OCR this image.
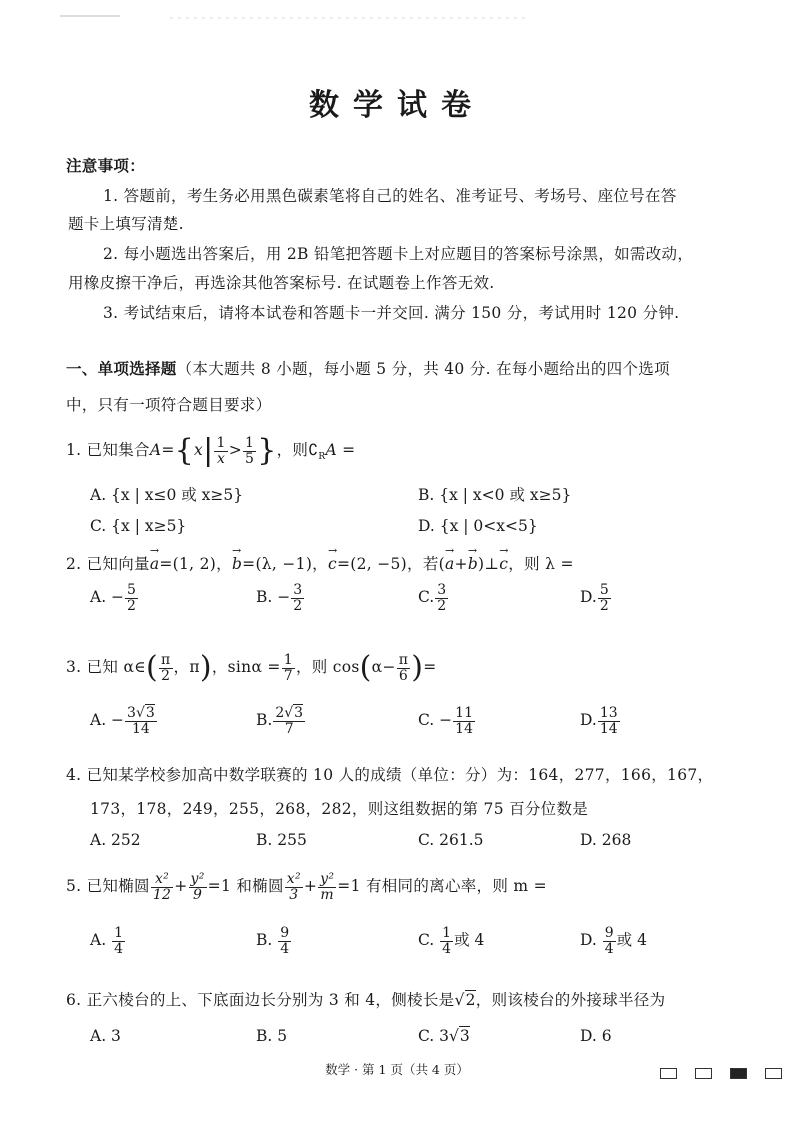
数学试卷
注意事项：
1. 答题前，考生务必用黑色碳素笔将自己的姓名、准考证号、考场号、座位号在答
题卡上填写清楚.
2. 每小题选出答案后，用 2B 铅笔把答题卡上对应题目的答案标号涂黑，如需改动，
用橡皮擦干净后，再选涂其他答案标号. 在试题卷上作答无效.
3. 考试结束后，请将本试卷和答题卡一并交回. 满分 150 分，考试用时 120 分钟.
一、单项选择题（本大题共 8 小题，每小题 5 分，共 40 分. 在每小题给出的四个选项
中，只有一项符合题目要求）
1. 已知集合$A=\{x| \frac{1}{x} > \frac{1}{5}$ }，则$∁_RA$ =
A. {x | x≤0 或 x≥5}	B. {x | x<0 或 x≥5}
C. {x | x≥5}	D. {x | 0<x<5}
2. 已知向量→ a=(1, 2)，→ b=(λ, −1)，→ c=(2, −5)，若(→ a+→ b)⊥→ c，则 λ =
A. − $\frac{5}{2}$	B. − $\frac{3}{2}$	C. $\frac{3}{2}$	D. $\frac{5}{2}$
3. 已知 α∈( $\frac{\pi}{2}$ ，π)，$\sin\alpha = \frac{1}{7}$ ，则 $\cos(\alpha- \frac{\pi}{6}$ )=
A. − $\frac{3√3}{14}$	B. $\frac{2√3}{7}$	C. − $\frac{11}{14}$	D. $\frac{13}{14}$
4. 已知某学校参加高中数学联赛的 10 人的成绩（单位：分）为：164，277，166，167，
173，178，249，255，268，282，则这组数据的第 75 百分位数是
A. 252	B. 255	C. 261.5	D. 268
5. 已知椭圆 $\frac{\text{x²}}{12} + \frac{\text{y²}}{9} =1$ 和椭圆 $\frac{\text{x²}}{3} + \frac{\text{y²}}{m} =1$ 有相同的离心率，则 m =
A. $\frac{1}{4}$	B. $\frac{9}{4}$	C. $\frac{1}{4}$ 或 4	D. $\frac{9}{4}$ 或 4
6. 正六棱台的上、下底面边长分别为 3 和 4，侧棱长是√2，则该棱台的外接球半径为
A. 3	B. 5	C. 3√3	D. 6
数学 · 第 1 页（共 4 页）
